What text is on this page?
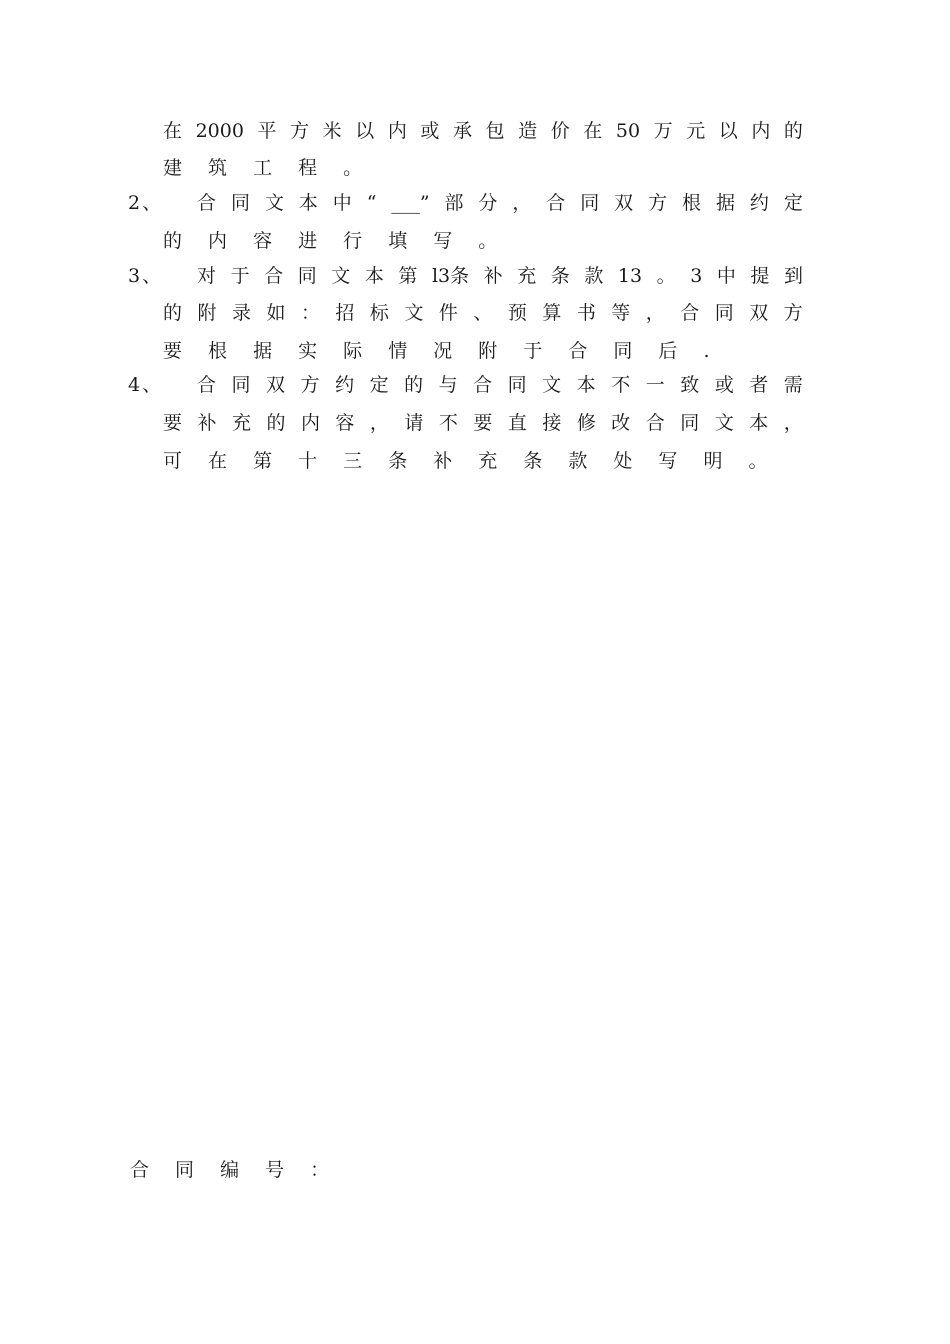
在 2000 平 方 米 以 内 或 承 包 造 价 在 50 万 元 以 内 的
建 筑 工 程 。
2、 合 同 文 本 中 “ ___” 部 分 ， 合 同 双 方 根 据 约 定
的 内 容 进 行 填 写 。
3、 对 于 合 同 文 本 第 l3条 补 充 条 款 13 。 3 中 提 到
的 附 录 如 ： 招 标 文 件 、 预 算 书 等 ， 合 同 双 方
要 根 据 实 际 情 况 附 于 合 同 后 .
4、 合 同 双 方 约 定 的 与 合 同 文 本 不 一 致 或 者 需
要 补 充 的 内 容 ， 请 不 要 直 接 修 改 合 同 文 本 ，
可 在 第 十 三 条 补 充 条 款 处 写 明 。
合 同 编 号 ：
